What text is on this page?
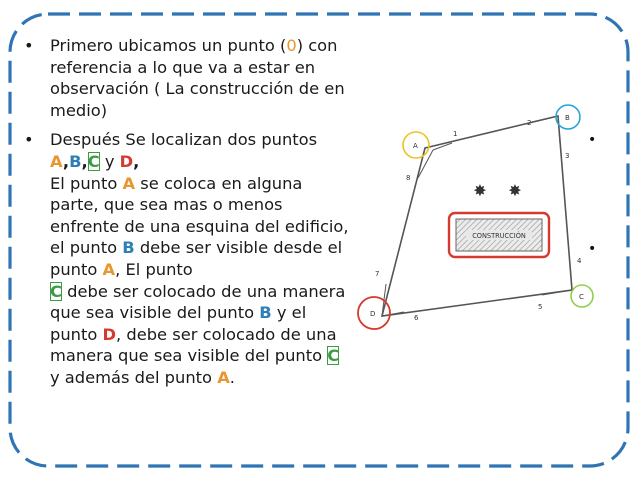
• Primero ubicamos un punto (0) con referencia a lo que va a estar en observación ( La construcción de en medio)

• Después Se localizan dos puntos
A,B,C y D,
El punto A se coloca en alguna parte, que sea mas o menos enfrente de una esquina del edificio, el punto B debe ser visible desde el punto A, El punto
C debe ser colocado de una manera que sea visible del punto B y el punto D, debe ser colocado de una manera que sea visible del punto C y además del punto A.

1
2
3
4
5
6
7
8
A
B
C
D
✸ ✸
CONSTRUCCIÓN
•
•
